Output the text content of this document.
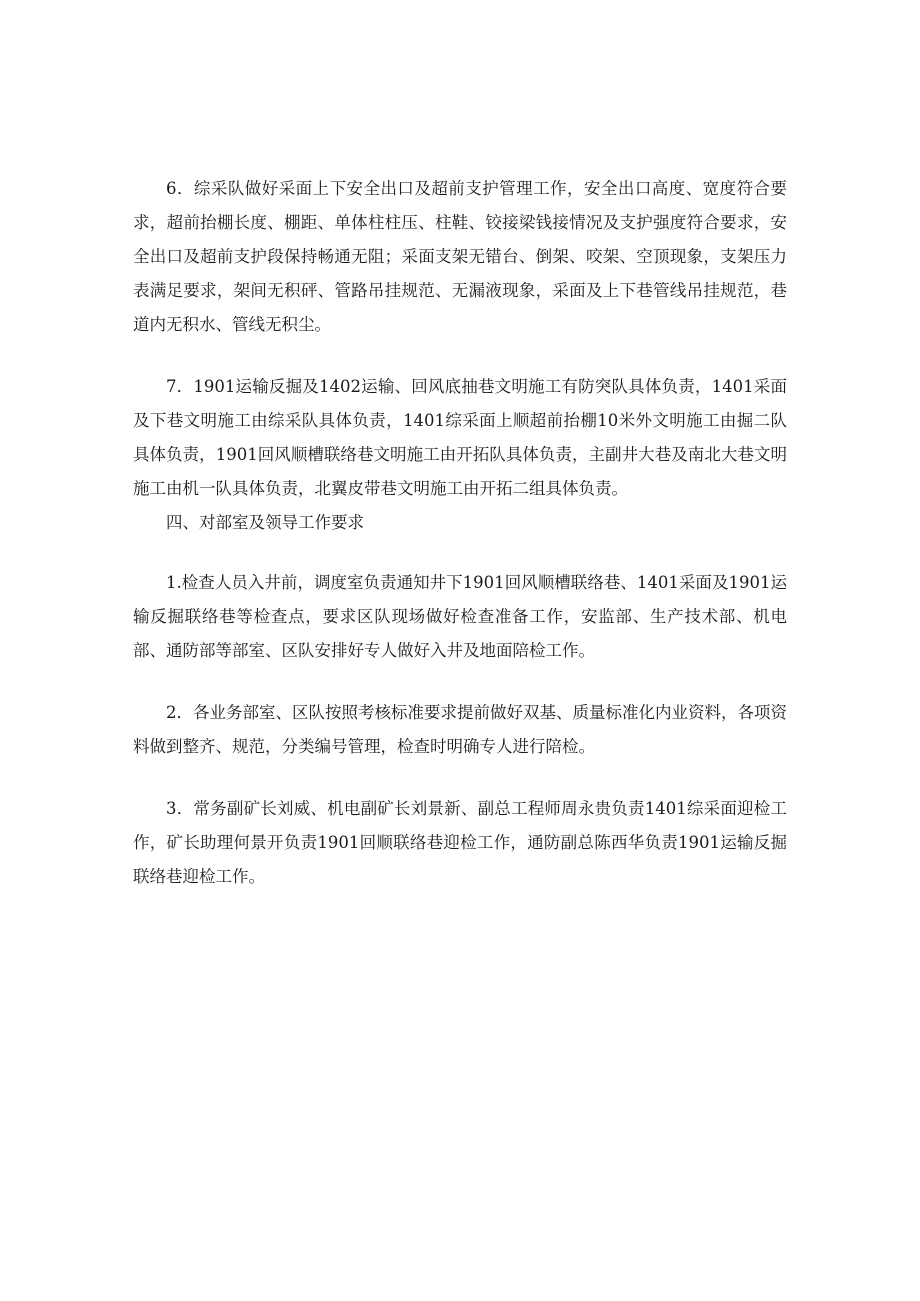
6．综采队做好采面上下安全出口及超前支护管理工作，安全出口高度、宽度符合要求，超前抬棚长度、棚距、单体柱柱压、柱鞋、铰接梁钱接情况及支护强度符合要求，安全出口及超前支护段保持畅通无阻；采面支架无错台、倒架、咬架、空顶现象，支架压力表满足要求，架间无积砰、管路吊挂规范、无漏液现象，采面及上下巷管线吊挂规范，巷道内无积水、管线无积尘。

7．1901运输反掘及1402运输、回风底抽巷文明施工有防突队具体负责，1401采面及下巷文明施工由综采队具体负责，1401综采面上顺超前抬棚10米外文明施工由掘二队具体负责，1901回风顺槽联络巷文明施工由开拓队具体负责，主副井大巷及南北大巷文明施工由机一队具体负责，北翼皮带巷文明施工由开拓二组具体负责。

四、对部室及领导工作要求

1.检查人员入井前，调度室负责通知井下1901回风顺槽联络巷、1401采面及1901运输反掘联络巷等检查点，要求区队现场做好检查准备工作，安监部、生产技术部、机电部、通防部等部室、区队安排好专人做好入井及地面陪检工作。

2．各业务部室、区队按照考核标准要求提前做好双基、质量标准化内业资料，各项资料做到整齐、规范，分类编号管理，检查时明确专人进行陪检。

3．常务副矿长刘威、机电副矿长刘景新、副总工程师周永贵负责1401综采面迎检工作，矿长助理何景开负责1901回顺联络巷迎检工作，通防副总陈西华负责1901运输反掘联络巷迎检工作。
